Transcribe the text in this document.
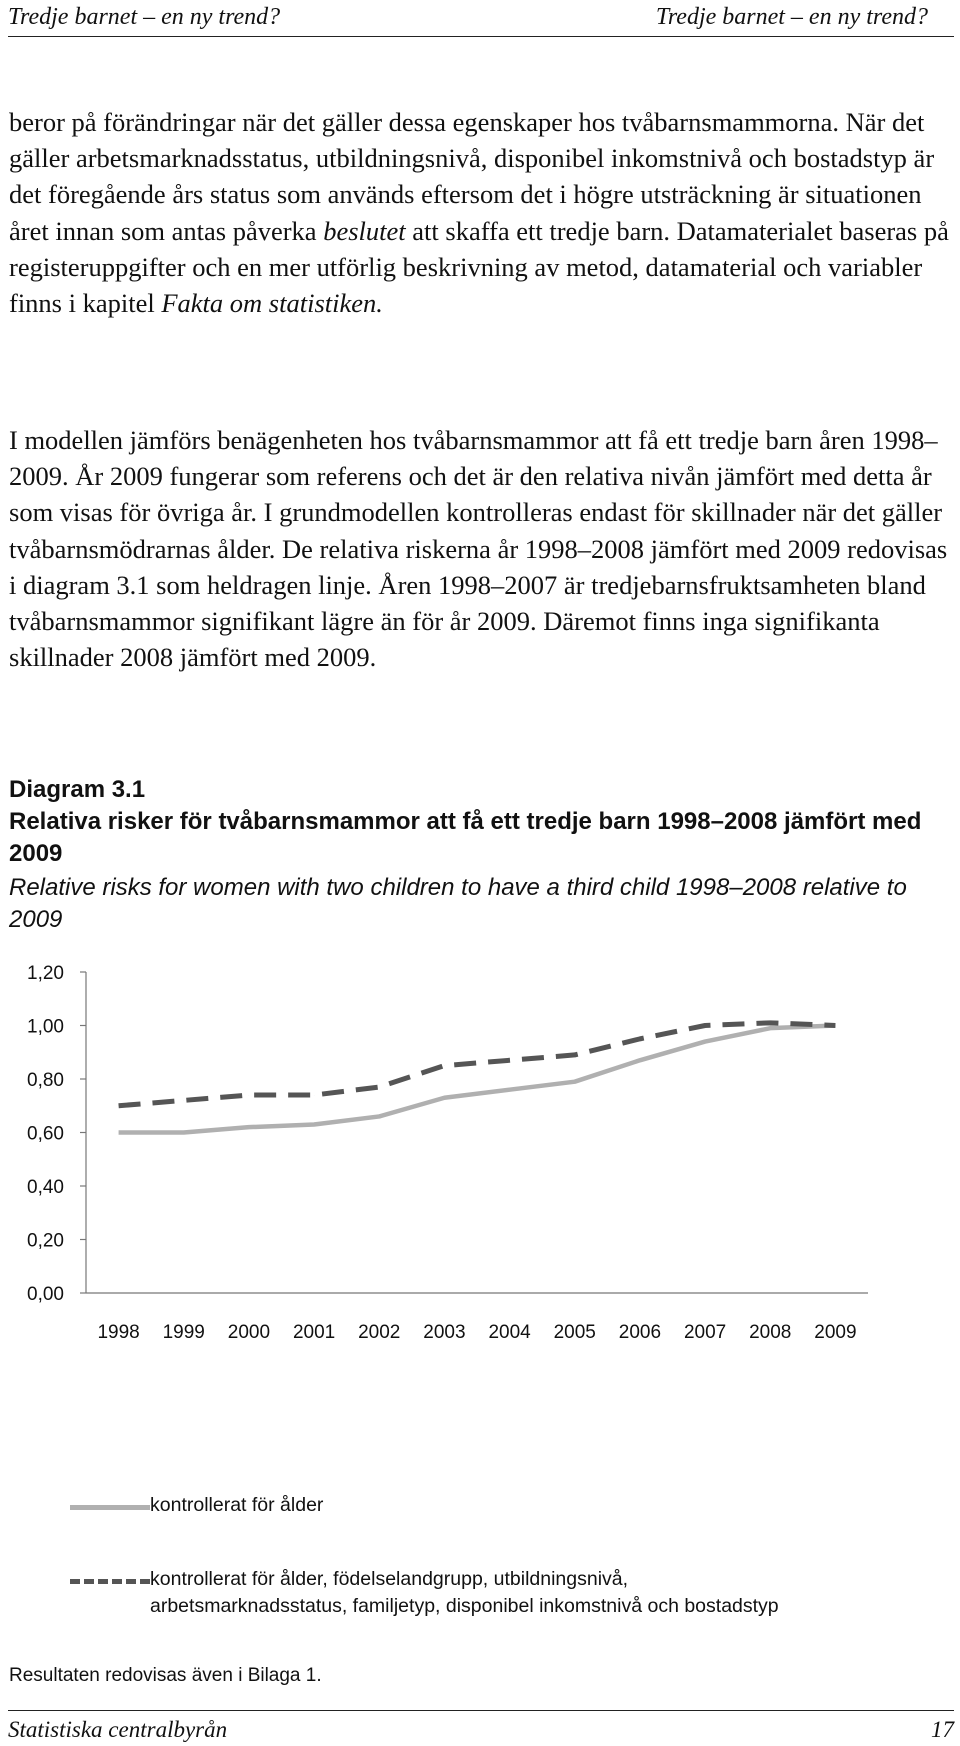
Tredje barnet – en ny trend?	Tredje barnet – en ny trend?
beror på förändringar när det gäller dessa egenskaper hos tvåbarnsmammorna. När det gäller arbetsmarknadsstatus, utbildningsnivå, disponibel inkomstnivå och bostadstyp är det föregående års status som används eftersom det i högre utsträckning är situationen året innan som antas påverka beslutet att skaffa ett tredje barn. Datamaterialet baseras på registeruppgifter och en mer utförlig beskrivning av metod, datamaterial och variabler finns i kapitel Fakta om statistiken.
I modellen jämförs benägenheten hos tvåbarnsmammor att få ett tredje barn åren 1998–2009. År 2009 fungerar som referens och det är den relativa nivån jämfört med detta år som visas för övriga år. I grundmodellen kontrolleras endast för skillnader när det gäller tvåbarnsmödrarnas ålder. De relativa riskerna år 1998–2008 jämfört med 2009 redovisas i diagram 3.1 som heldragen linje. Åren 1998–2007 är tredjebarnsfruktsamheten bland tvåbarnsmammor signifikant lägre än för år 2009. Däremot finns inga signifikanta skillnader 2008 jämfört med 2009.
Diagram 3.1
Relativa risker för tvåbarnsmammor att få ett tredje barn 1998–2008 jämfört med 2009
Relative risks for women with two children to have a third child 1998–2008 relative to 2009
0,00
0,20
0,40
0,60
0,80
1,00
1,20
1998 1999 2000 2001 2002 2003 2004 2005 2006 2007 2008 2009
kontrollerat för ålder
kontrollerat för ålder, födelselandgrupp, utbildningsnivå, arbetsmarknadsstatus, familjetyp, disponibel inkomstnivå och bostadstyp
Resultaten redovisas även i Bilaga 1.
Statistiska centralbyrån	17
